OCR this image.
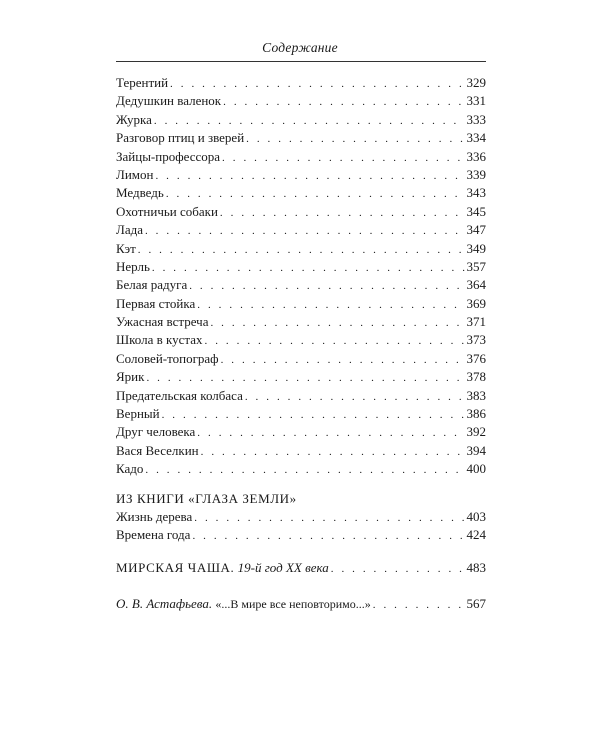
Содержание
Терентий . . .	329
Дедушкин валенок . . .	331
Журка . . .	333
Разговор птиц и зверей . . .	334
Зайцы-профессора . . .	336
Лимон . . .	339
Медведь . . .	343
Охотничьи собаки . . .	345
Лада . . .	347
Кэт . . .	349
Нерль . . .	357
Белая радуга . . .	364
Первая стойка . . .	369
Ужасная встреча . . .	371
Школа в кустах . . .	373
Соловей-топограф . . .	376
Ярик . . .	378
Предательская колбаса . . .	383
Верный . . .	386
Друг человека . . .	392
Вася Веселкин . . .	394
Кадо . . .	400
ИЗ КНИГИ «ГЛАЗА ЗЕМЛИ»
Жизнь дерева . . .	403
Времена года . . .	424
МИРСКАЯ ЧАША. 19-й год XX века . . .	483
О. В. Астафьева. «...В мире все неповторимо...» . . .	567
